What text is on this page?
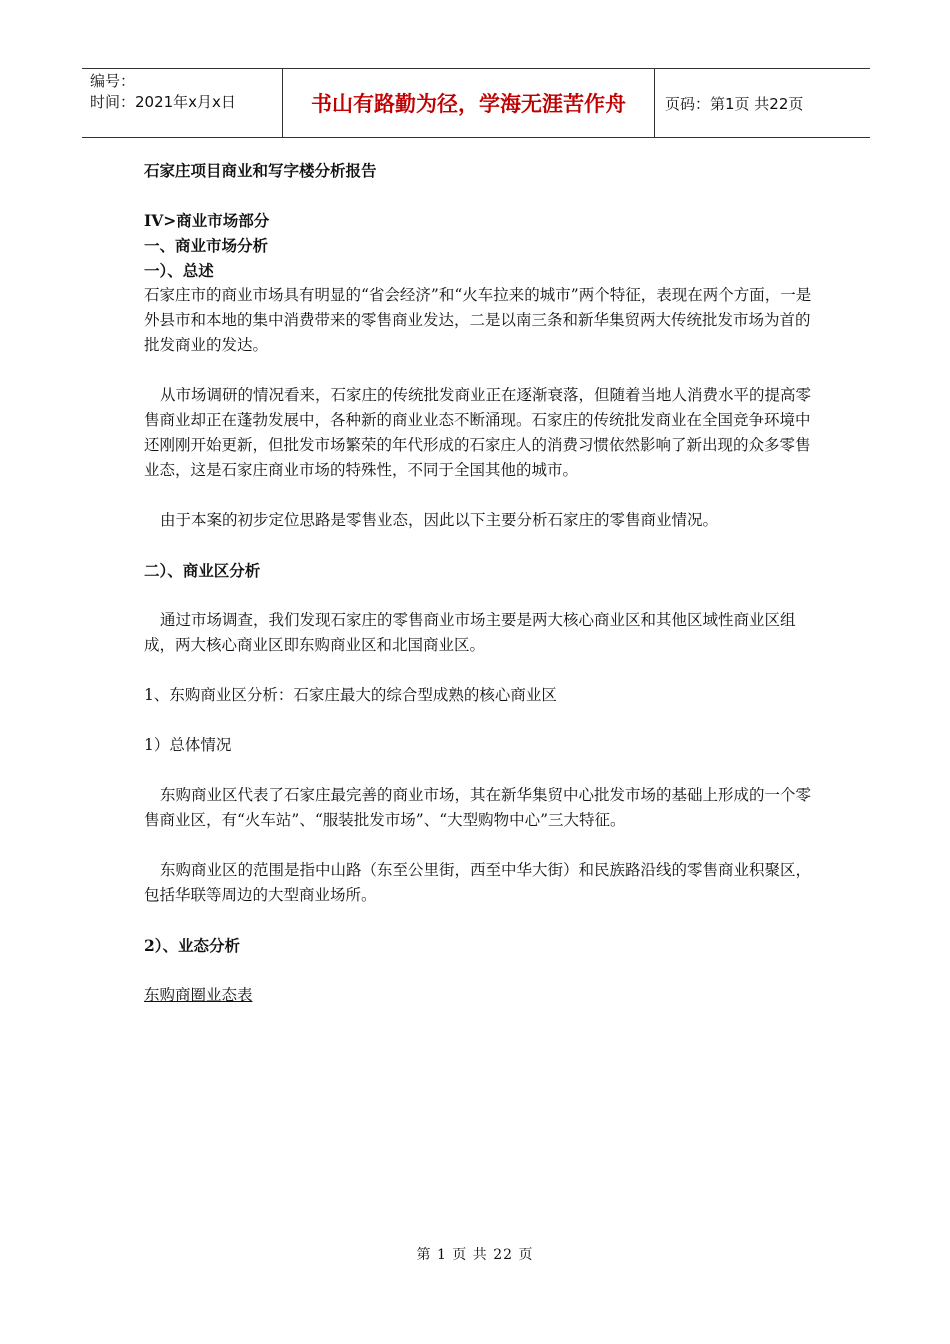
编号：
时间：2021年x月x日	书山有路勤为径，学海无涯苦作舟	页码：第1页 共22页

石家庄项目商业和写字楼分析报告

IV>商业市场部分

一、商业市场分析

一）、总述

石家庄市的商业市场具有明显的“省会经济”和“火车拉来的城市”两个特征，表现在两个方面，一是外县市和本地的集中消费带来的零售商业发达，二是以南三条和新华集贸两大传统批发市场为首的批发商业的发达。

从市场调研的情况看来，石家庄的传统批发商业正在逐渐衰落，但随着当地人消费水平的提高零售商业却正在蓬勃发展中，各种新的商业业态不断涌现。石家庄的传统批发商业在全国竞争环境中还刚刚开始更新，但批发市场繁荣的年代形成的石家庄人的消费习惯依然影响了新出现的众多零售业态，这是石家庄商业市场的特殊性，不同于全国其他的城市。

由于本案的初步定位思路是零售业态，因此以下主要分析石家庄的零售商业情况。

二）、商业区分析

通过市场调查，我们发现石家庄的零售商业市场主要是两大核心商业区和其他区域性商业区组成，两大核心商业区即东购商业区和北国商业区。

1、东购商业区分析：石家庄最大的综合型成熟的核心商业区

1）总体情况

东购商业区代表了石家庄最完善的商业市场，其在新华集贸中心批发市场的基础上形成的一个零售商业区，有“火车站”、“服装批发市场”、“大型购物中心”三大特征。

东购商业区的范围是指中山路（东至公里街，西至中华大街）和民族路沿线的零售商业积聚区，包括华联等周边的大型商业场所。

2）、业态分析

东购商圈业态表

第 1 页 共 22 页
